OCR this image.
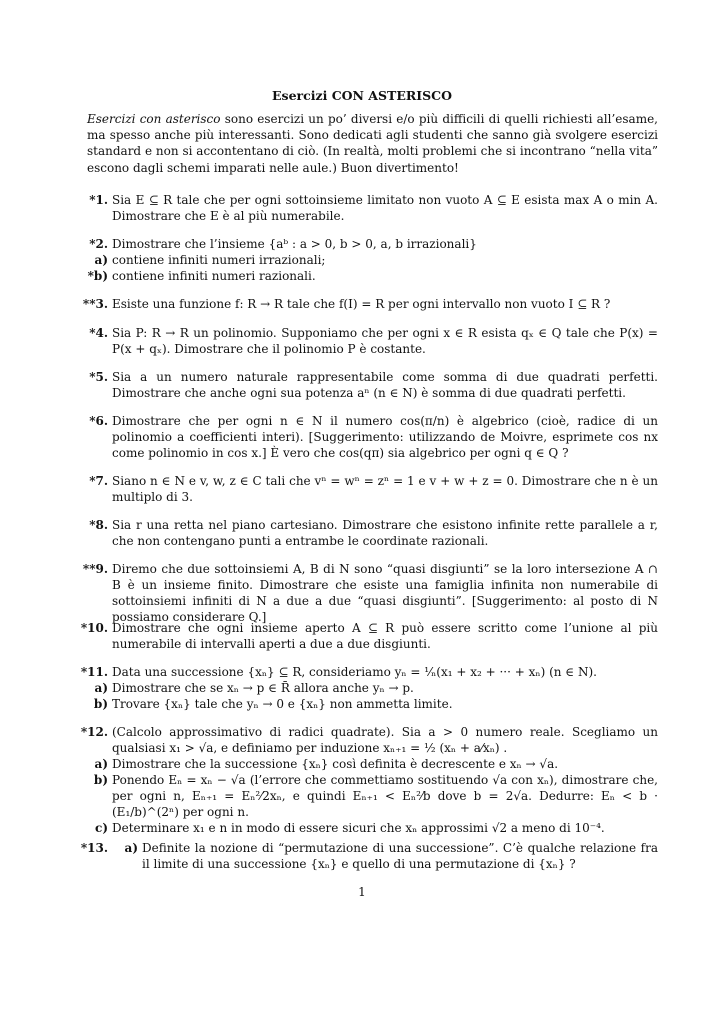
Esercizi CON ASTERISCO
Esercizi con asterisco sono esercizi un po’ diversi e/o più difficili di quelli richiesti all’esame, ma spesso anche più interessanti. Sono dedicati agli studenti che sanno già svolgere esercizi standard e non si accontentano di ciò. (In realtà, molti problemi che si incontrano “nella vita” escono dagli schemi imparati nelle aule.) Buon divertimento!
*1. Sia E ⊆ R tale che per ogni sottoinsieme limitato non vuoto A ⊆ E esista max A o min A. Dimostrare che E è al più numerabile.
*2. Dimostrare che l’insieme {aᵇ : a > 0, b > 0, a, b irrazionali}
a) contiene infiniti numeri irrazionali;
*b) contiene infiniti numeri razionali.
**3. Esiste una funzione f: R → R tale che f(I) = R per ogni intervallo non vuoto I ⊆ R ?
*4. Sia P: R → R un polinomio. Supponiamo che per ogni x ∈ R esista qₓ ∈ Q tale che P(x) = P(x + qₓ). Dimostrare che il polinomio P è costante.
*5. Sia a un numero naturale rappresentabile come somma di due quadrati perfetti. Dimostrare che anche ogni sua potenza aⁿ (n ∈ N) è somma di due quadrati perfetti.
*6. Dimostrare che per ogni n ∈ N il numero cos(π/n) è algebrico (cioè, radice di un polinomio a coefficienti interi). [Suggerimento: utilizzando de Moivre, esprimete cos nx come polinomio in cos x.] È vero che cos(qπ) sia algebrico per ogni q ∈ Q ?
*7. Siano n ∈ N e v, w, z ∈ C tali che vⁿ = wⁿ = zⁿ = 1 e v + w + z = 0. Dimostrare che n è un multiplo di 3.
*8. Sia r una retta nel piano cartesiano. Dimostrare che esistono infinite rette parallele a r, che non contengano punti a entrambe le coordinate razionali.
**9. Diremo che due sottoinsiemi A, B di N sono “quasi disgiunti” se la loro intersezione A ∩ B è un insieme finito. Dimostrare che esiste una famiglia infinita non numerabile di sottoinsiemi infiniti di N a due a due “quasi disgiunti”. [Suggerimento: al posto di N possiamo considerare Q.]
*10. Dimostrare che ogni insieme aperto A ⊆ R può essere scritto come l’unione al più numerabile di intervalli aperti a due a due disgiunti.
*11. Data una successione {xₙ} ⊆ R, consideriamo yₙ = ¹⁄ₙ(x₁ + x₂ + ··· + xₙ) (n ∈ N).
a) Dimostrare che se xₙ → p ∈ R̄ allora anche yₙ → p.
b) Trovare {xₙ} tale che yₙ → 0 e {xₙ} non ammetta limite.
*12. (Calcolo approssimativo di radici quadrate). Sia a > 0 numero reale. Scegliamo un qualsiasi x₁ > √a, e definiamo per induzione xₙ₊₁ = ½ (xₙ + a⁄xₙ) .
a) Dimostrare che la successione {xₙ} così definita è decrescente e xₙ → √a.
b) Ponendo Eₙ = xₙ − √a (l’errore che commettiamo sostituendo √a con xₙ), dimostrare che, per ogni n, Eₙ₊₁ = Eₙ²⁄2xₙ, e quindi Eₙ₊₁ < Eₙ²⁄b dove b = 2√a. Dedurre: Eₙ < b · (E₁/b)^(2ⁿ) per ogni n.
c) Determinare x₁ e n in modo di essere sicuri che xₙ approssimi √2 a meno di 10⁻⁴.
*13.	a) Definite la nozione di “permutazione di una successione”. C’è qualche relazione fra il limite di una successione {xₙ} e quello di una permutazione di {xₙ} ?
1
